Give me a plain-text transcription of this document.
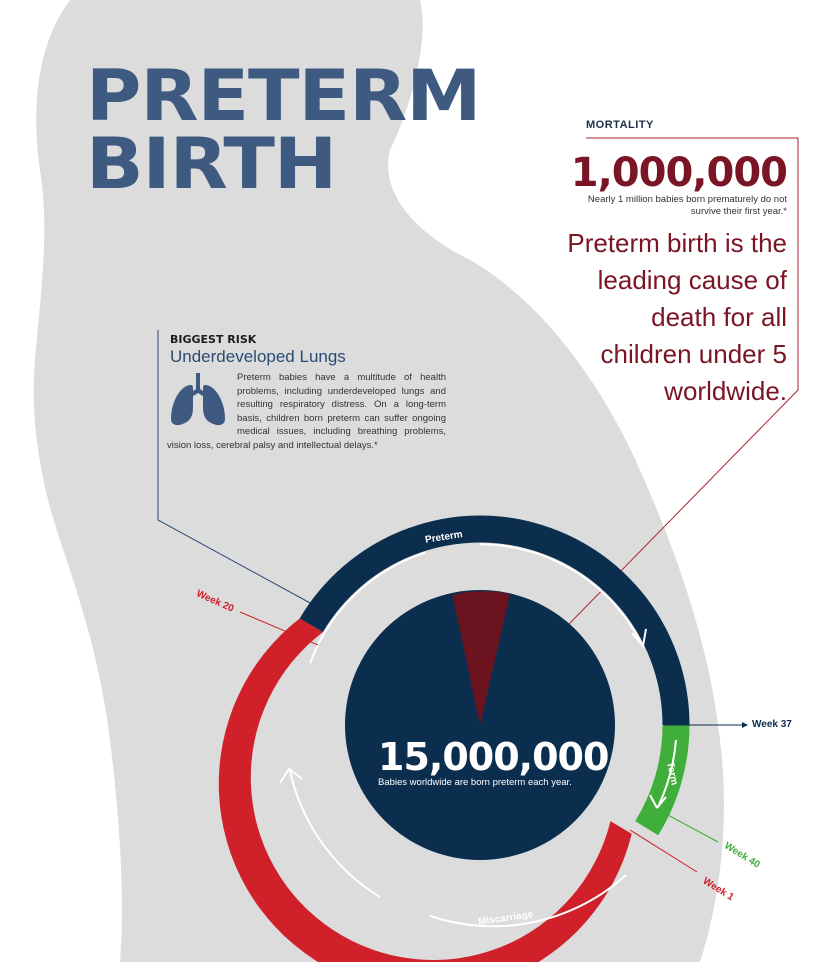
PRETERM
BIRTH	MORTALITY
1,000,000
Nearly 1 million babies born prematurely do not survive their first year.*
Preterm birth is the leading cause of death for all children under 5 worldwide.
BIGGEST RISK
Underdeveloped Lungs
Preterm babies have a multitude of health problems, including underdeveloped lungs and resulting respiratory distress. On a long-term basis, children born preterm can suffer ongoing medical issues, including breathing problems, vision loss, cerebral palsy and intellectual delays.*
15,000,000
Babies worldwide are born preterm each year.
Preterm
Term
Miscarriage
Week 20
Week 37
Week 40
Week 1
